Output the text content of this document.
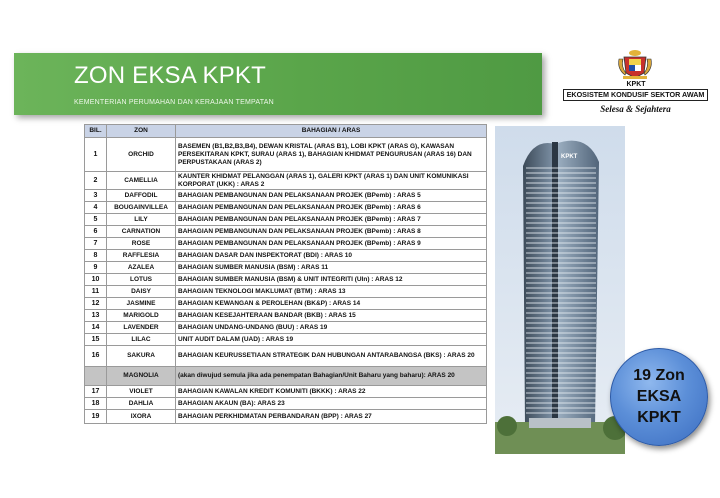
ZON EKSA KPKT
KEMENTERIAN PERUMAHAN DAN KERAJAAN TEMPATAN
KPKT
EKOSISTEM KONDUSIF SEKTOR AWAM
Selesa & Sejahtera
BIL.	ZON	BAHAGIAN / ARAS
1	ORCHID	BASEMEN (B1,B2,B3,B4), DEWAN KRISTAL (ARAS B1), LOBI KPKT (ARAS G), KAWASAN PERSEKITARAN KPKT, SURAU (ARAS 1), BAHAGIAN KHIDMAT PENGURUSAN (ARAS 16) DAN PERPUSTAKAAN (ARAS 2)
2	CAMELLIA	KAUNTER KHIDMAT PELANGGAN (ARAS 1), GALERI KPKT (ARAS 1) DAN UNIT KOMUNIKASI KORPORAT (UKK) : ARAS 2
3	DAFFODIL	BAHAGIAN PEMBANGUNAN DAN PELAKSANAAN PROJEK (BPemb) : ARAS 5
4	BOUGAINVILLEA	BAHAGIAN PEMBANGUNAN DAN PELAKSANAAN PROJEK (BPemb) : ARAS 6
5	LILY	BAHAGIAN PEMBANGUNAN DAN PELAKSANAAN PROJEK (BPemb) : ARAS 7
6	CARNATION	BAHAGIAN PEMBANGUNAN DAN PELAKSANAAN PROJEK (BPemb) : ARAS 8
7	ROSE	BAHAGIAN PEMBANGUNAN DAN PELAKSANAAN PROJEK (BPemb) : ARAS 9
8	RAFFLESIA	BAHAGIAN DASAR DAN INSPEKTORAT (BDI) : ARAS 10
9	AZALEA	BAHAGIAN SUMBER MANUSIA (BSM) : ARAS 11
10	LOTUS	BAHAGIAN SUMBER MANUSIA (BSM) & UNIT INTEGRITI (UIn) : ARAS 12
11	DAISY	BAHAGIAN TEKNOLOGI MAKLUMAT (BTM) : ARAS 13
12	JASMINE	BAHAGIAN KEWANGAN & PEROLEHAN (BK&P) : ARAS 14
13	MARIGOLD	BAHAGIAN KESEJAHTERAAN BANDAR (BKB) : ARAS 15
14	LAVENDER	BAHAGIAN UNDANG-UNDANG (BUU) : ARAS 19
15	LILAC	UNIT AUDIT DALAM (UAD) : ARAS 19
16	SAKURA	BAHAGIAN KEURUSSETIAAN STRATEGIK DAN HUBUNGAN ANTARABANGSA (BKS) : ARAS 20
	MAGNOLIA	(akan diwujud semula jika ada penempatan Bahagian/Unit Baharu yang baharu): ARAS 20
17	VIOLET	BAHAGIAN KAWALAN KREDIT KOMUNITI (BKKK) : ARAS 22
18	DAHLIA	BAHAGIAN AKAUN (BA): ARAS 23
19	IXORA	BAHAGIAN PERKHIDMATAN PERBANDARAN (BPP) : ARAS 27
KPKT
19 Zon
EKSA
KPKT
